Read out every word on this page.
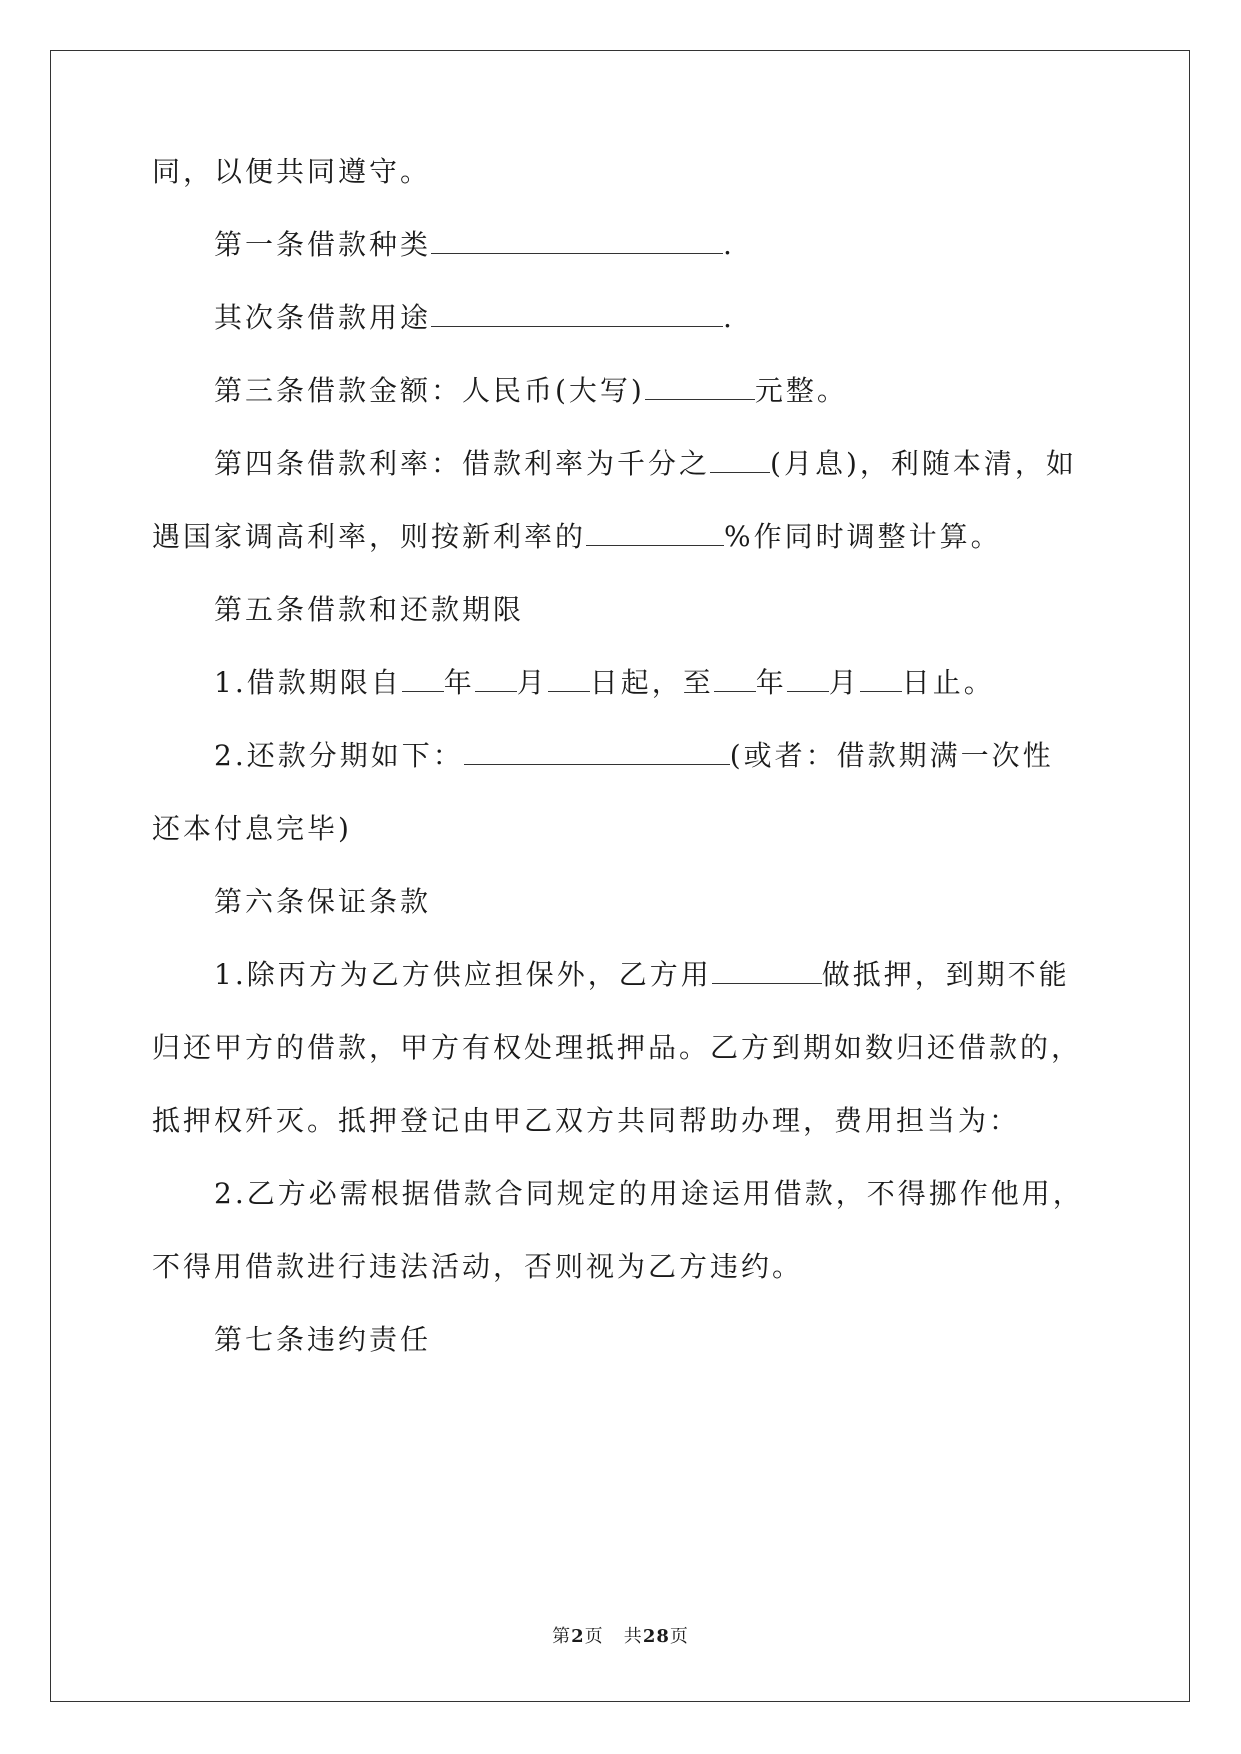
同，以便共同遵守。
第一条借款种类	.
其次条借款用途	.
第三条借款金额：人民币(大写)	元整。
第四条借款利率：借款利率为千分之 (月息)，利随本清，如
遇国家调高利率，则按新利率的	%作同时调整计算。
第五条借款和还款期限
1.借款期限自 年 月 日起，至 年 月 日止。
2.还款分期如下：	(或者：借款期满一次性
还本付息完毕)
第六条保证条款
1.除丙方为乙方供应担保外，乙方用	做抵押，到期不能
归还甲方的借款，甲方有权处理抵押品。乙方到期如数归还借款的，
抵押权歼灭。抵押登记由甲乙双方共同帮助办理，费用担当为：
2.乙方必需根据借款合同规定的用途运用借款，不得挪作他用，
不得用借款进行违法活动，否则视为乙方违约。
第七条违约责任
第2页   共28页
